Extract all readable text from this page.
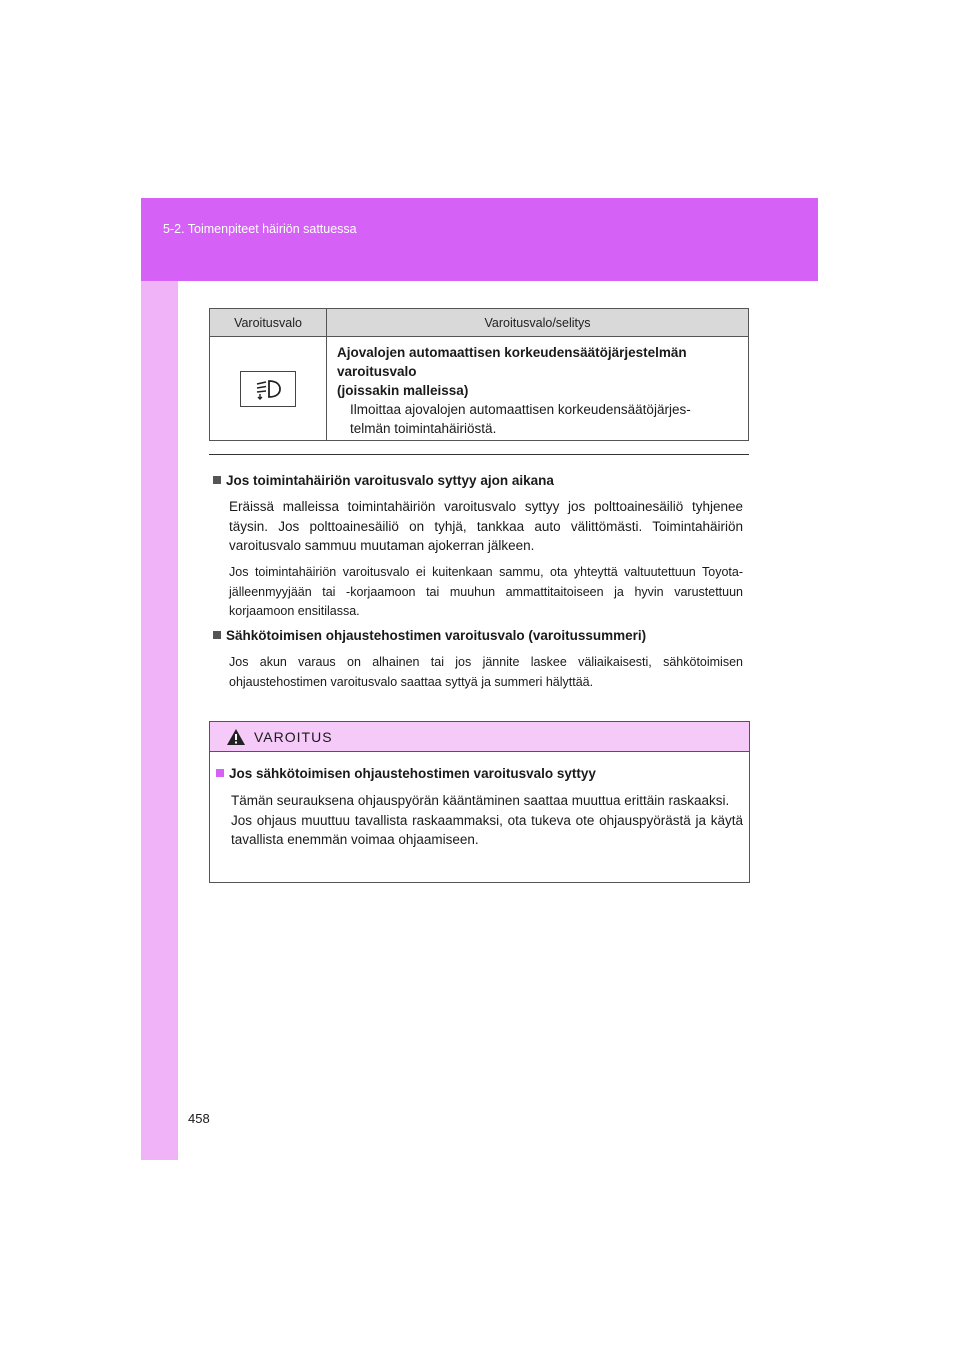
5-2. Toimenpiteet häiriön sattuessa
Varoitusvalo	Varoitusvalo/selitys
Ajovalojen automaattisen korkeudensäätöjärjestelmän
varoitusvalo
(joissakin malleissa)
Ilmoittaa ajovalojen automaattisen korkeudensäätöjärjes-
telmän toimintahäiriöstä.
Jos toimintahäiriön varoitusvalo syttyy ajon aikana
Eräissä malleissa toimintahäiriön varoitusvalo syttyy jos polttoainesäiliö tyhjenee täysin. Jos polttoainesäiliö on tyhjä, tankkaa auto välittömästi. Toimintahäiriön varoitusvalo sammuu muutaman ajokerran jälkeen.
Jos toimintahäiriön varoitusvalo ei kuitenkaan sammu, ota yhteyttä valtuutettuun Toyota-jälleenmyyjään tai -korjaamoon tai muuhun ammattitaitoiseen ja hyvin varustettuun korjaamoon ensitilassa.
Sähkötoimisen ohjaustehostimen varoitusvalo (varoitussummeri)
Jos akun varaus on alhainen tai jos jännite laskee väliaikaisesti, sähkötoimisen ohjaustehostimen varoitusvalo saattaa syttyä ja summeri hälyttää.
VAROITUS
Jos sähkötoimisen ohjaustehostimen varoitusvalo syttyy
Tämän seurauksena ohjauspyörän kääntäminen saattaa muuttua erittäin raskaaksi.
Jos ohjaus muuttuu tavallista raskaammaksi, ota tukeva ote ohjauspyörästä ja käytä tavallista enemmän voimaa ohjaamiseen.
458
